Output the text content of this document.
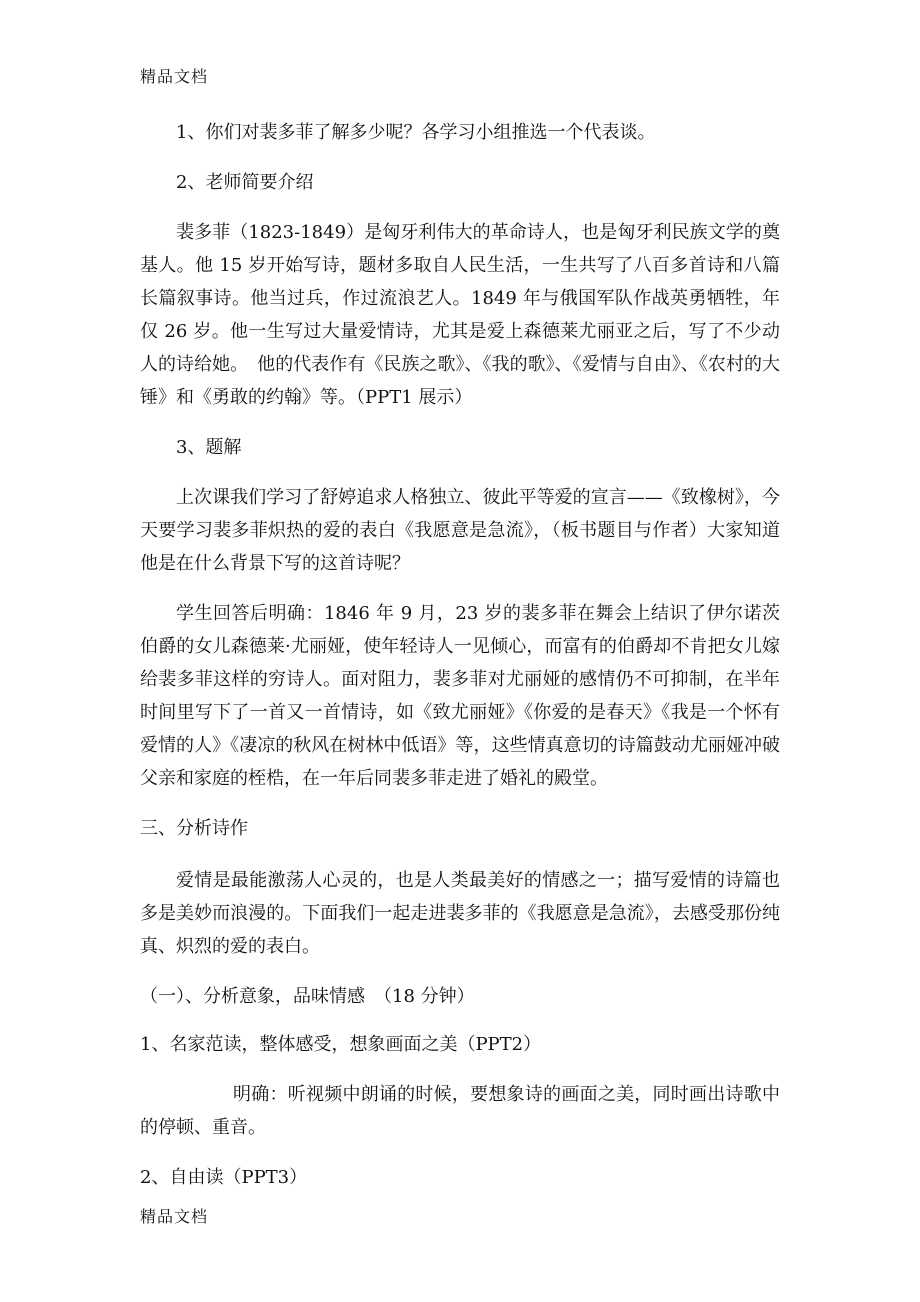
精品文档

1、你们对裴多菲了解多少呢？各学习小组推选一个代表谈。

2、老师简要介绍

裴多菲（1823-1849）是匈牙利伟大的革命诗人，也是匈牙利民族文学的奠基人。他 15 岁开始写诗，题材多取自人民生活，一生共写了八百多首诗和八篇长篇叙事诗。他当过兵，作过流浪艺人。1849 年与俄国军队作战英勇牺牲，年仅 26 岁。他一生写过大量爱情诗，尤其是爱上森德莱尤丽亚之后，写了不少动人的诗给她。　他的代表作有《民族之歌》、《我的歌》、《爱情与自由》、《农村的大锤》和《勇敢的约翰》等。（PPT1 展示）

3、题解

上次课我们学习了舒婷追求人格独立、彼此平等爱的宣言——《致橡树》，今天要学习裴多菲炽热的爱的表白《我愿意是急流》，（板书题目与作者）大家知道他是在什么背景下写的这首诗呢？

学生回答后明确：1846 年 9 月，23 岁的裴多菲在舞会上结识了伊尔诺茨伯爵的女儿森德莱·尤丽娅，使年轻诗人一见倾心，而富有的伯爵却不肯把女儿嫁给裴多菲这样的穷诗人。面对阻力，裴多菲对尤丽娅的感情仍不可抑制，在半年时间里写下了一首又一首情诗，如《致尤丽娅》《你爱的是春天》《我是一个怀有爱情的人》《凄凉的秋风在树林中低语》等，这些情真意切的诗篇鼓动尤丽娅冲破父亲和家庭的桎梏，在一年后同裴多菲走进了婚礼的殿堂。

三、分析诗作

爱情是最能激荡人心灵的，也是人类最美好的情感之一；描写爱情的诗篇也多是美妙而浪漫的。下面我们一起走进裴多菲的《我愿意是急流》，去感受那份纯真、炽烈的爱的表白。

（一）、分析意象，品味情感　（18 分钟）

1、名家范读，整体感受，想象画面之美（PPT2）

明确：听视频中朗诵的时候，要想象诗的画面之美，同时画出诗歌中的停顿、重音。

2、自由读（PPT3）

精品文档
